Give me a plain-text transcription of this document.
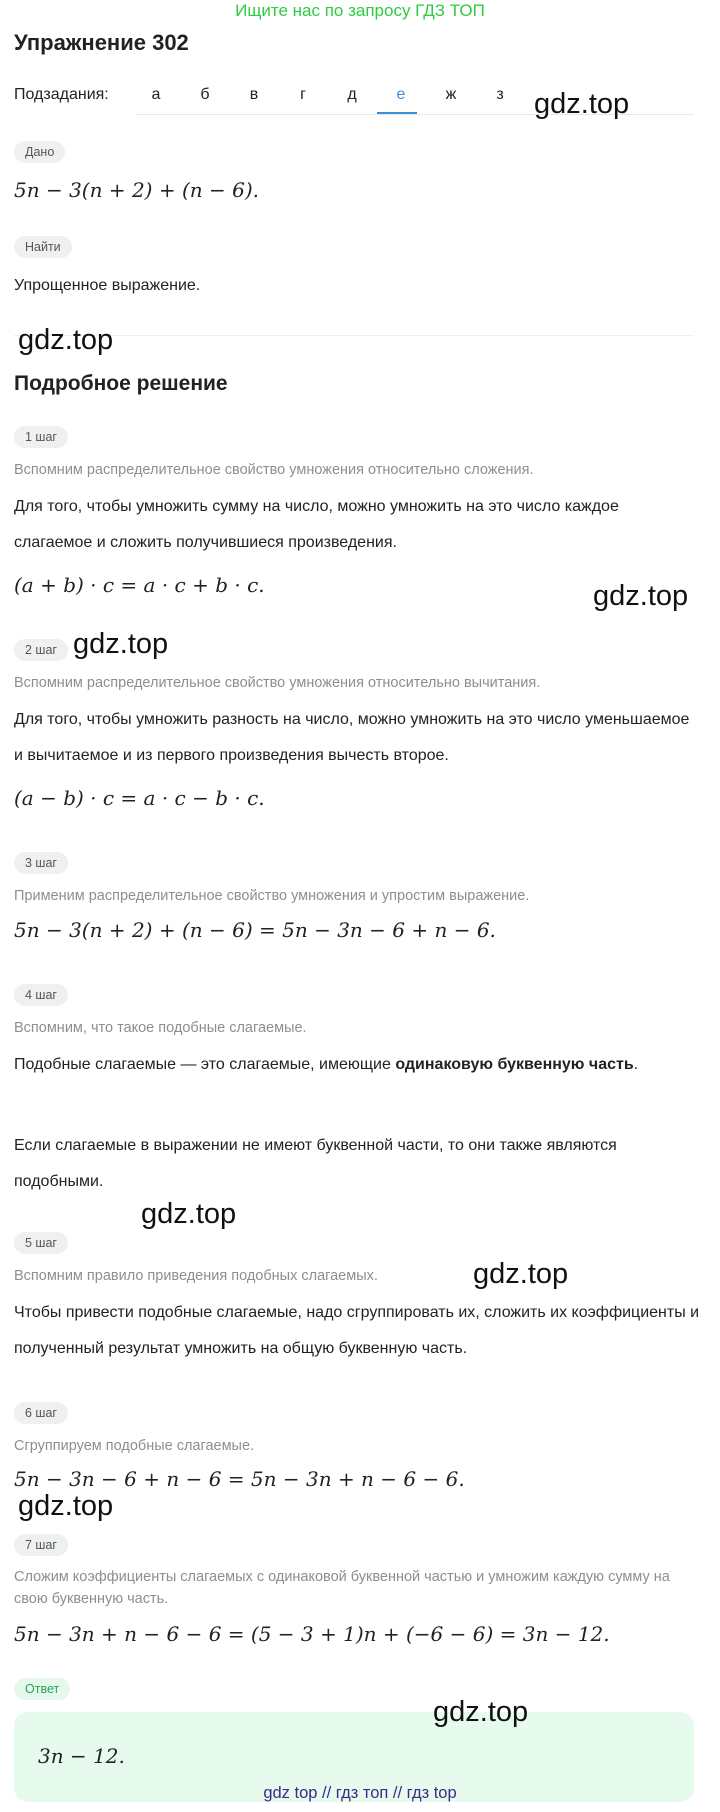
Ищите нас по запросу ГДЗ ТОП
Упражнение 302
Подзадания:	а	б	в	г	д	е	ж	з
Дано
5n − 3(n + 2) + (n − 6).
Найти
Упрощенное выражение.
Подробное решение
1 шаг
Вспомним распределительное свойство умножения относительно сложения.
Для того, чтобы умножить сумму на число, можно умножить на это число каждое слагаемое и сложить получившиеся произведения.
(a + b) · c = a · c + b · c.
2 шаг
Вспомним распределительное свойство умножения относительно вычитания.
Для того, чтобы умножить разность на число, можно умножить на это число уменьшаемое и вычитаемое и из первого произведения вычесть второе.
(a − b) · c = a · c − b · c.
3 шаг
Применим распределительное свойство умножения и упростим выражение.
5n − 3(n + 2) + (n − 6) = 5n − 3n − 6 + n − 6.
4 шаг
Вспомним, что такое подобные слагаемые.
Подобные слагаемые — это слагаемые, имеющие одинаковую буквенную часть.
Если слагаемые в выражении не имеют буквенной части, то они также являются подобными.
5 шаг
Вспомним правило приведения подобных слагаемых.
Чтобы привести подобные слагаемые, надо сгруппировать их, сложить их коэффициенты и полученный результат умножить на общую буквенную часть.
6 шаг
Сгруппируем подобные слагаемые.
5n − 3n − 6 + n − 6 = 5n − 3n + n − 6 − 6.
7 шаг
Сложим коэффициенты слагаемых с одинаковой буквенной частью и умножим каждую сумму на свою буквенную часть.
5n − 3n + n − 6 − 6 = (5 − 3 + 1)n + (−6 − 6) = 3n − 12.
Ответ
3n − 12.
gdz.top
gdz.top
gdz.top
gdz.top
gdz.top
gdz.top
gdz.top
gdz.top
gdz top // гдз топ // гдз top
